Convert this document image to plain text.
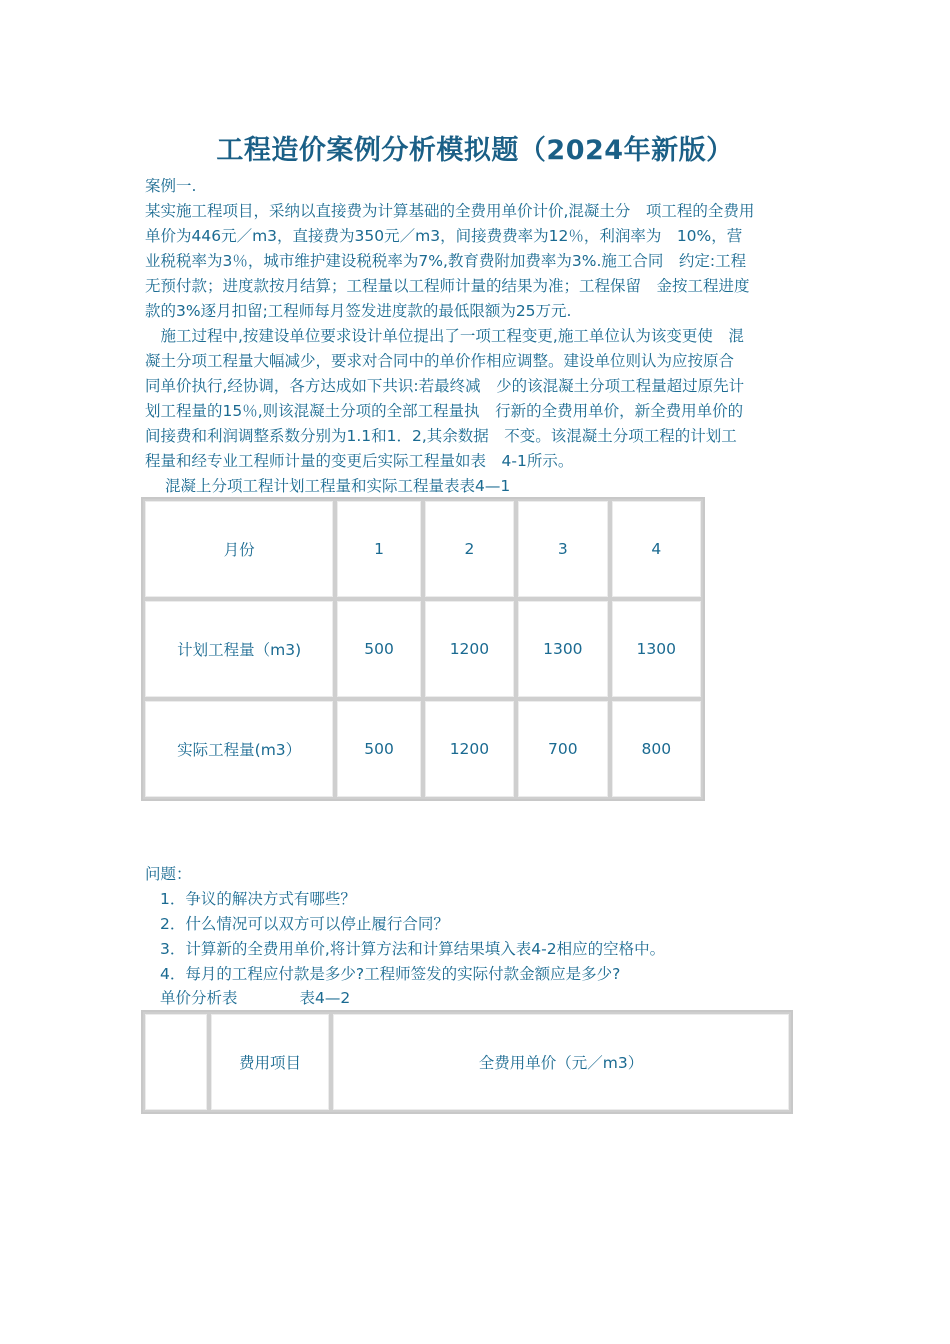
工程造价案例分析模拟题（2024年新版）
案例一.
某实施工程项目，采纳以直接费为计算基础的全费用单价计价,混凝土分　项工程的全费用
单价为446元／m3，直接费为350元／m3，间接费费率为12％，利润率为　10%，营
业税税率为3％，城市维护建设税税率为7%,教育费附加费率为3%.施工合同　约定:工程
无预付款；进度款按月结算；工程量以工程师计量的结果为准；工程保留　金按工程进度
款的3%逐月扣留;工程师每月签发进度款的最低限额为25万元.
　施工过程中,按建设单位要求设计单位提出了一项工程变更,施工单位认为该变更使　混
凝土分项工程量大幅减少，要求对合同中的单价作相应调整。建设单位则认为应按原合
同单价执行,经协调，各方达成如下共识:若最终减　少的该混凝土分项工程量超过原先计
划工程量的15％,则该混凝土分项的全部工程量执　行新的全费用单价，新全费用单价的
间接费和利润调整系数分别为1.1和1．2,其余数据　不变。该混凝土分项工程的计划工
程量和经专业工程师计量的变更后实际工程量如表　4-1所示。
混凝上分项工程计划工程量和实际工程量表表4—1
月份	1	2	3	4
计划工程量（m3)	500	1200	1300	1300
实际工程量(m3）	500	1200	700	800
问题：
1．争议的解决方式有哪些？
2．什么情况可以双方可以停止履行合同？
3．计算新的全费用单价,将计算方法和计算结果填入表4-2相应的空格中。
4．每月的工程应付款是多少?工程师签发的实际付款金额应是多少?
单价分析表　　　　表4—2
	费用项目	全费用单价（元／m3）
